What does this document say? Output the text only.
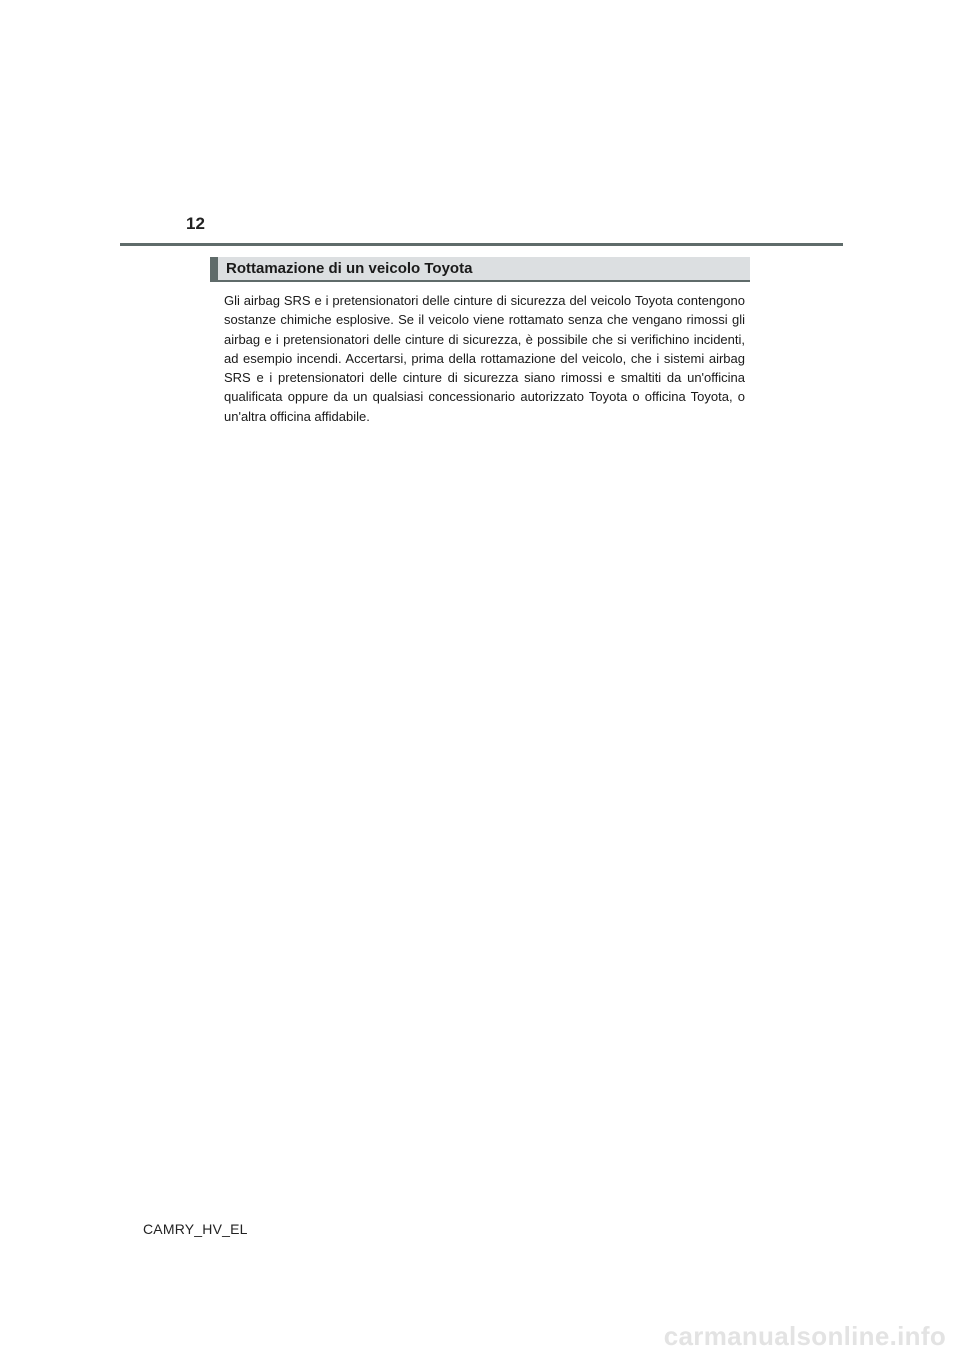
12
Rottamazione di un veicolo Toyota

Gli airbag SRS e i pretensionatori delle cinture di sicurezza del veicolo Toyota contengono sostanze chimiche esplosive. Se il veicolo viene rottamato senza che vengano rimossi gli airbag e i pretensionatori delle cinture di sicurezza, è possibile che si verifichino incidenti, ad esempio incendi. Accertarsi, prima della rottamazione del veicolo, che i sistemi airbag SRS e i pretensionatori delle cinture di sicurezza siano rimossi e smaltiti da un'officina qualificata oppure da un qualsiasi concessionario autorizzato Toyota o officina Toyota, o un'altra officina affidabile.

CAMRY_HV_EL
carmanualsonline.info
